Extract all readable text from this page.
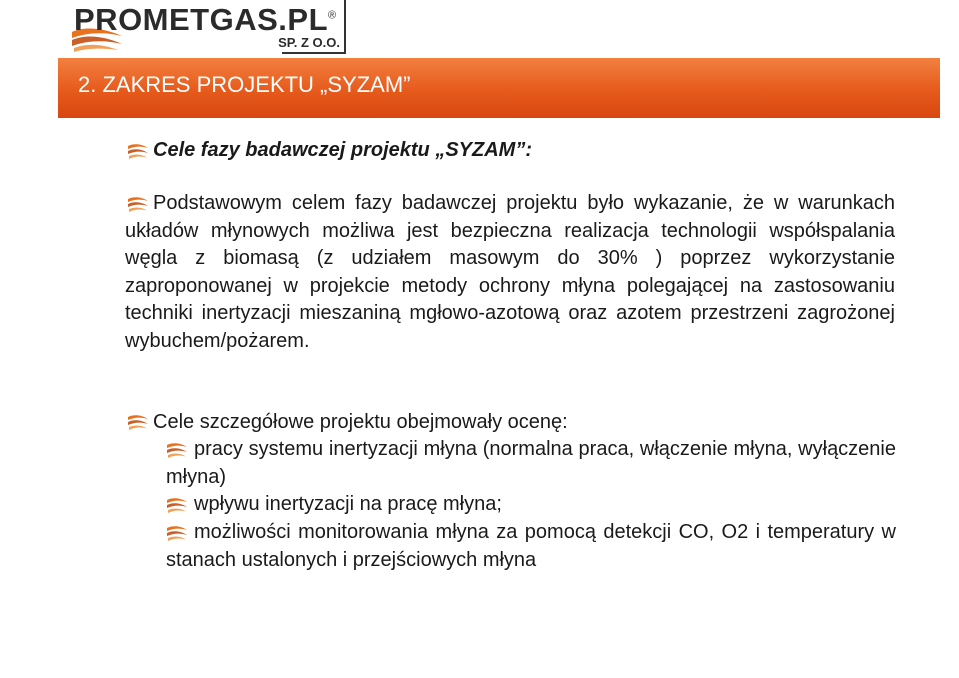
PROMETGAS.PL®
SP. Z O.O.
2. ZAKRES PROJEKTU „SYZAM”
Cele fazy badawczej projektu „SYZAM”:
Podstawowym celem fazy badawczej projektu było wykazanie, że w warunkach układów młynowych możliwa jest bezpieczna realizacja technologii współspalania węgla z biomasą (z udziałem masowym do 30% ) poprzez wykorzystanie zaproponowanej w projekcie metody ochrony młyna polegającej na zastosowaniu techniki inertyzacji mieszaniną mgłowo-azotową oraz azotem przestrzeni zagrożonej wybuchem/pożarem.
Cele szczegółowe projektu obejmowały ocenę:
pracy systemu inertyzacji młyna (normalna praca, włączenie młyna, wyłączenie młyna)
wpływu inertyzacji na pracę młyna;
możliwości monitorowania młyna za pomocą detekcji CO, O2 i temperatury w stanach ustalonych i przejściowych młyna
